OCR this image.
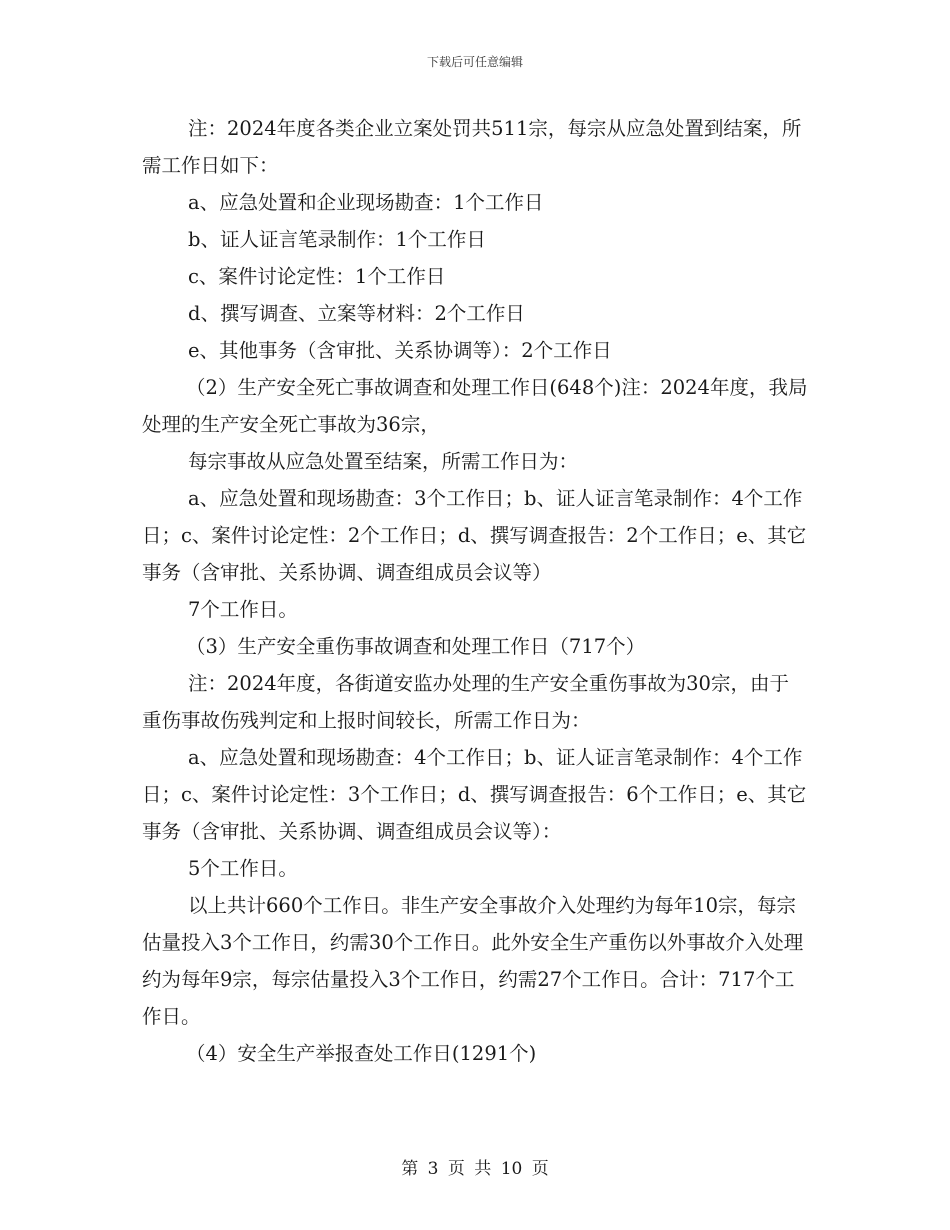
下载后可任意编辑

注：2024年度各类企业立案处罚共511宗，每宗从应急处置到结案，所需工作日如下：

a、应急处置和企业现场勘查：1个工作日

b、证人证言笔录制作：1个工作日

c、案件讨论定性：1个工作日

d、撰写调查、立案等材料：2个工作日

e、其他事务（含审批、关系协调等）：2个工作日

（2）生产安全死亡事故调查和处理工作日(648个)注：2024年度，我局处理的生产安全死亡事故为36宗，

每宗事故从应急处置至结案，所需工作日为：

a、应急处置和现场勘查：3个工作日；b、证人证言笔录制作：4个工作日；c、案件讨论定性：2个工作日；d、撰写调查报告：2个工作日；e、其它事务（含审批、关系协调、调查组成员会议等）

7个工作日。

（3）生产安全重伤事故调查和处理工作日（717个）

注：2024年度，各街道安监办处理的生产安全重伤事故为30宗，由于重伤事故伤残判定和上报时间较长，所需工作日为：

a、应急处置和现场勘查：4个工作日；b、证人证言笔录制作：4个工作日；c、案件讨论定性：3个工作日；d、撰写调查报告：6个工作日；e、其它事务（含审批、关系协调、调查组成员会议等）：

5个工作日。

以上共计660个工作日。非生产安全事故介入处理约为每年10宗，每宗估量投入3个工作日，约需30个工作日。此外安全生产重伤以外事故介入处理约为每年9宗，每宗估量投入3个工作日，约需27个工作日。合计：717个工作日。

（4）安全生产举报查处工作日(1291个)

第 3 页 共 10 页
